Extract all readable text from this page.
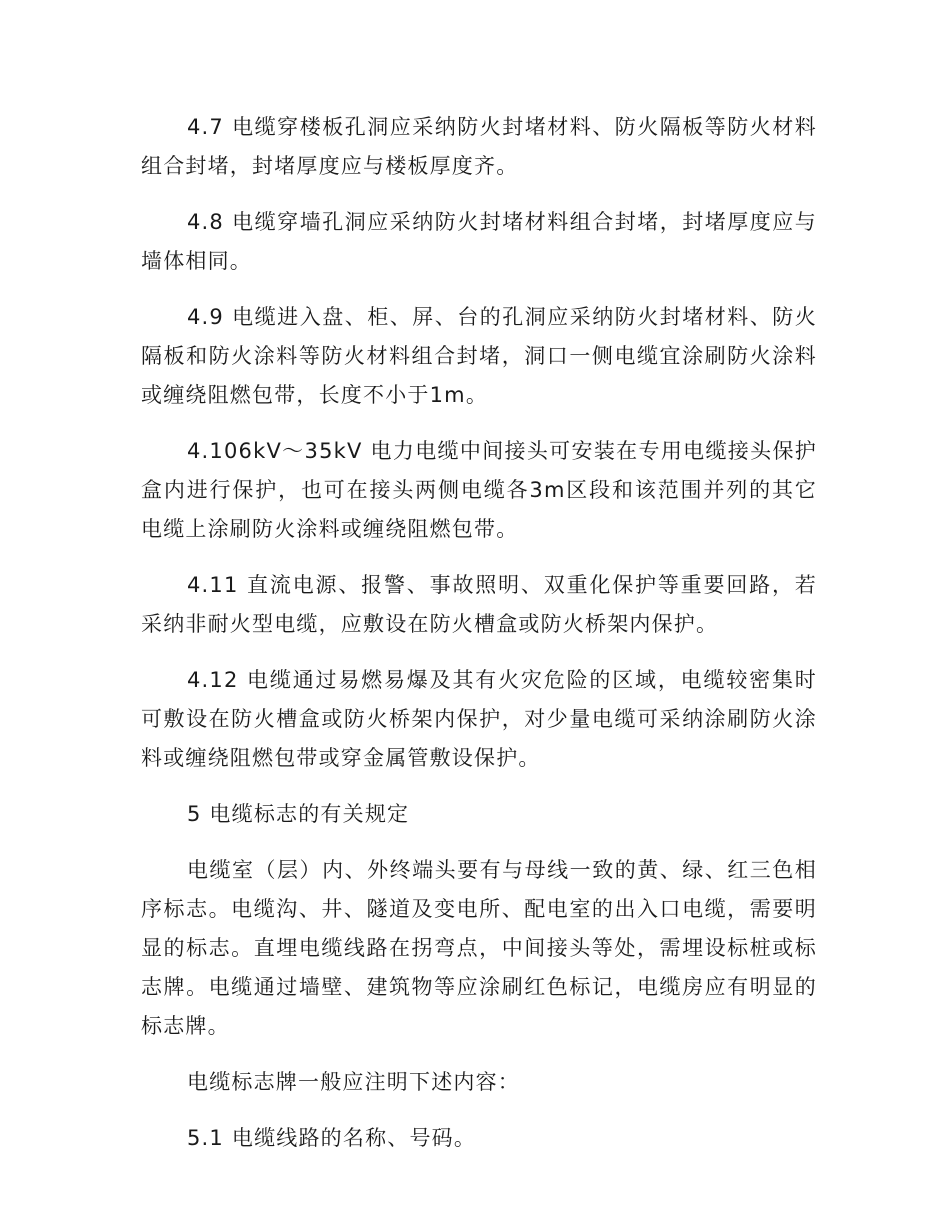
4.7 电缆穿楼板孔洞应采纳防火封堵材料、防火隔板等防火材料组合封堵，封堵厚度应与楼板厚度齐。

4.8 电缆穿墙孔洞应采纳防火封堵材料组合封堵，封堵厚度应与墙体相同。

4.9 电缆进入盘、柜、屏、台的孔洞应采纳防火封堵材料、防火隔板和防火涂料等防火材料组合封堵，洞口一侧电缆宜涂刷防火涂料或缠绕阻燃包带，长度不小于1m。

4.106kV～35kV 电力电缆中间接头可安装在专用电缆接头保护盒内进行保护，也可在接头两侧电缆各3m区段和该范围并列的其它电缆上涂刷防火涂料或缠绕阻燃包带。

4.11 直流电源、报警、事故照明、双重化保护等重要回路，若采纳非耐火型电缆，应敷设在防火槽盒或防火桥架内保护。

4.12 电缆通过易燃易爆及其有火灾危险的区域，电缆较密集时可敷设在防火槽盒或防火桥架内保护，对少量电缆可采纳涂刷防火涂料或缠绕阻燃包带或穿金属管敷设保护。

5 电缆标志的有关规定

电缆室（层）内、外终端头要有与母线一致的黄、绿、红三色相序标志。电缆沟、井、隧道及变电所、配电室的出入口电缆，需要明显的标志。直埋电缆线路在拐弯点，中间接头等处，需埋设标桩或标志牌。电缆通过墙壁、建筑物等应涂刷红色标记，电缆房应有明显的标志牌。

电缆标志牌一般应注明下述内容：

5.1 电缆线路的名称、号码。
